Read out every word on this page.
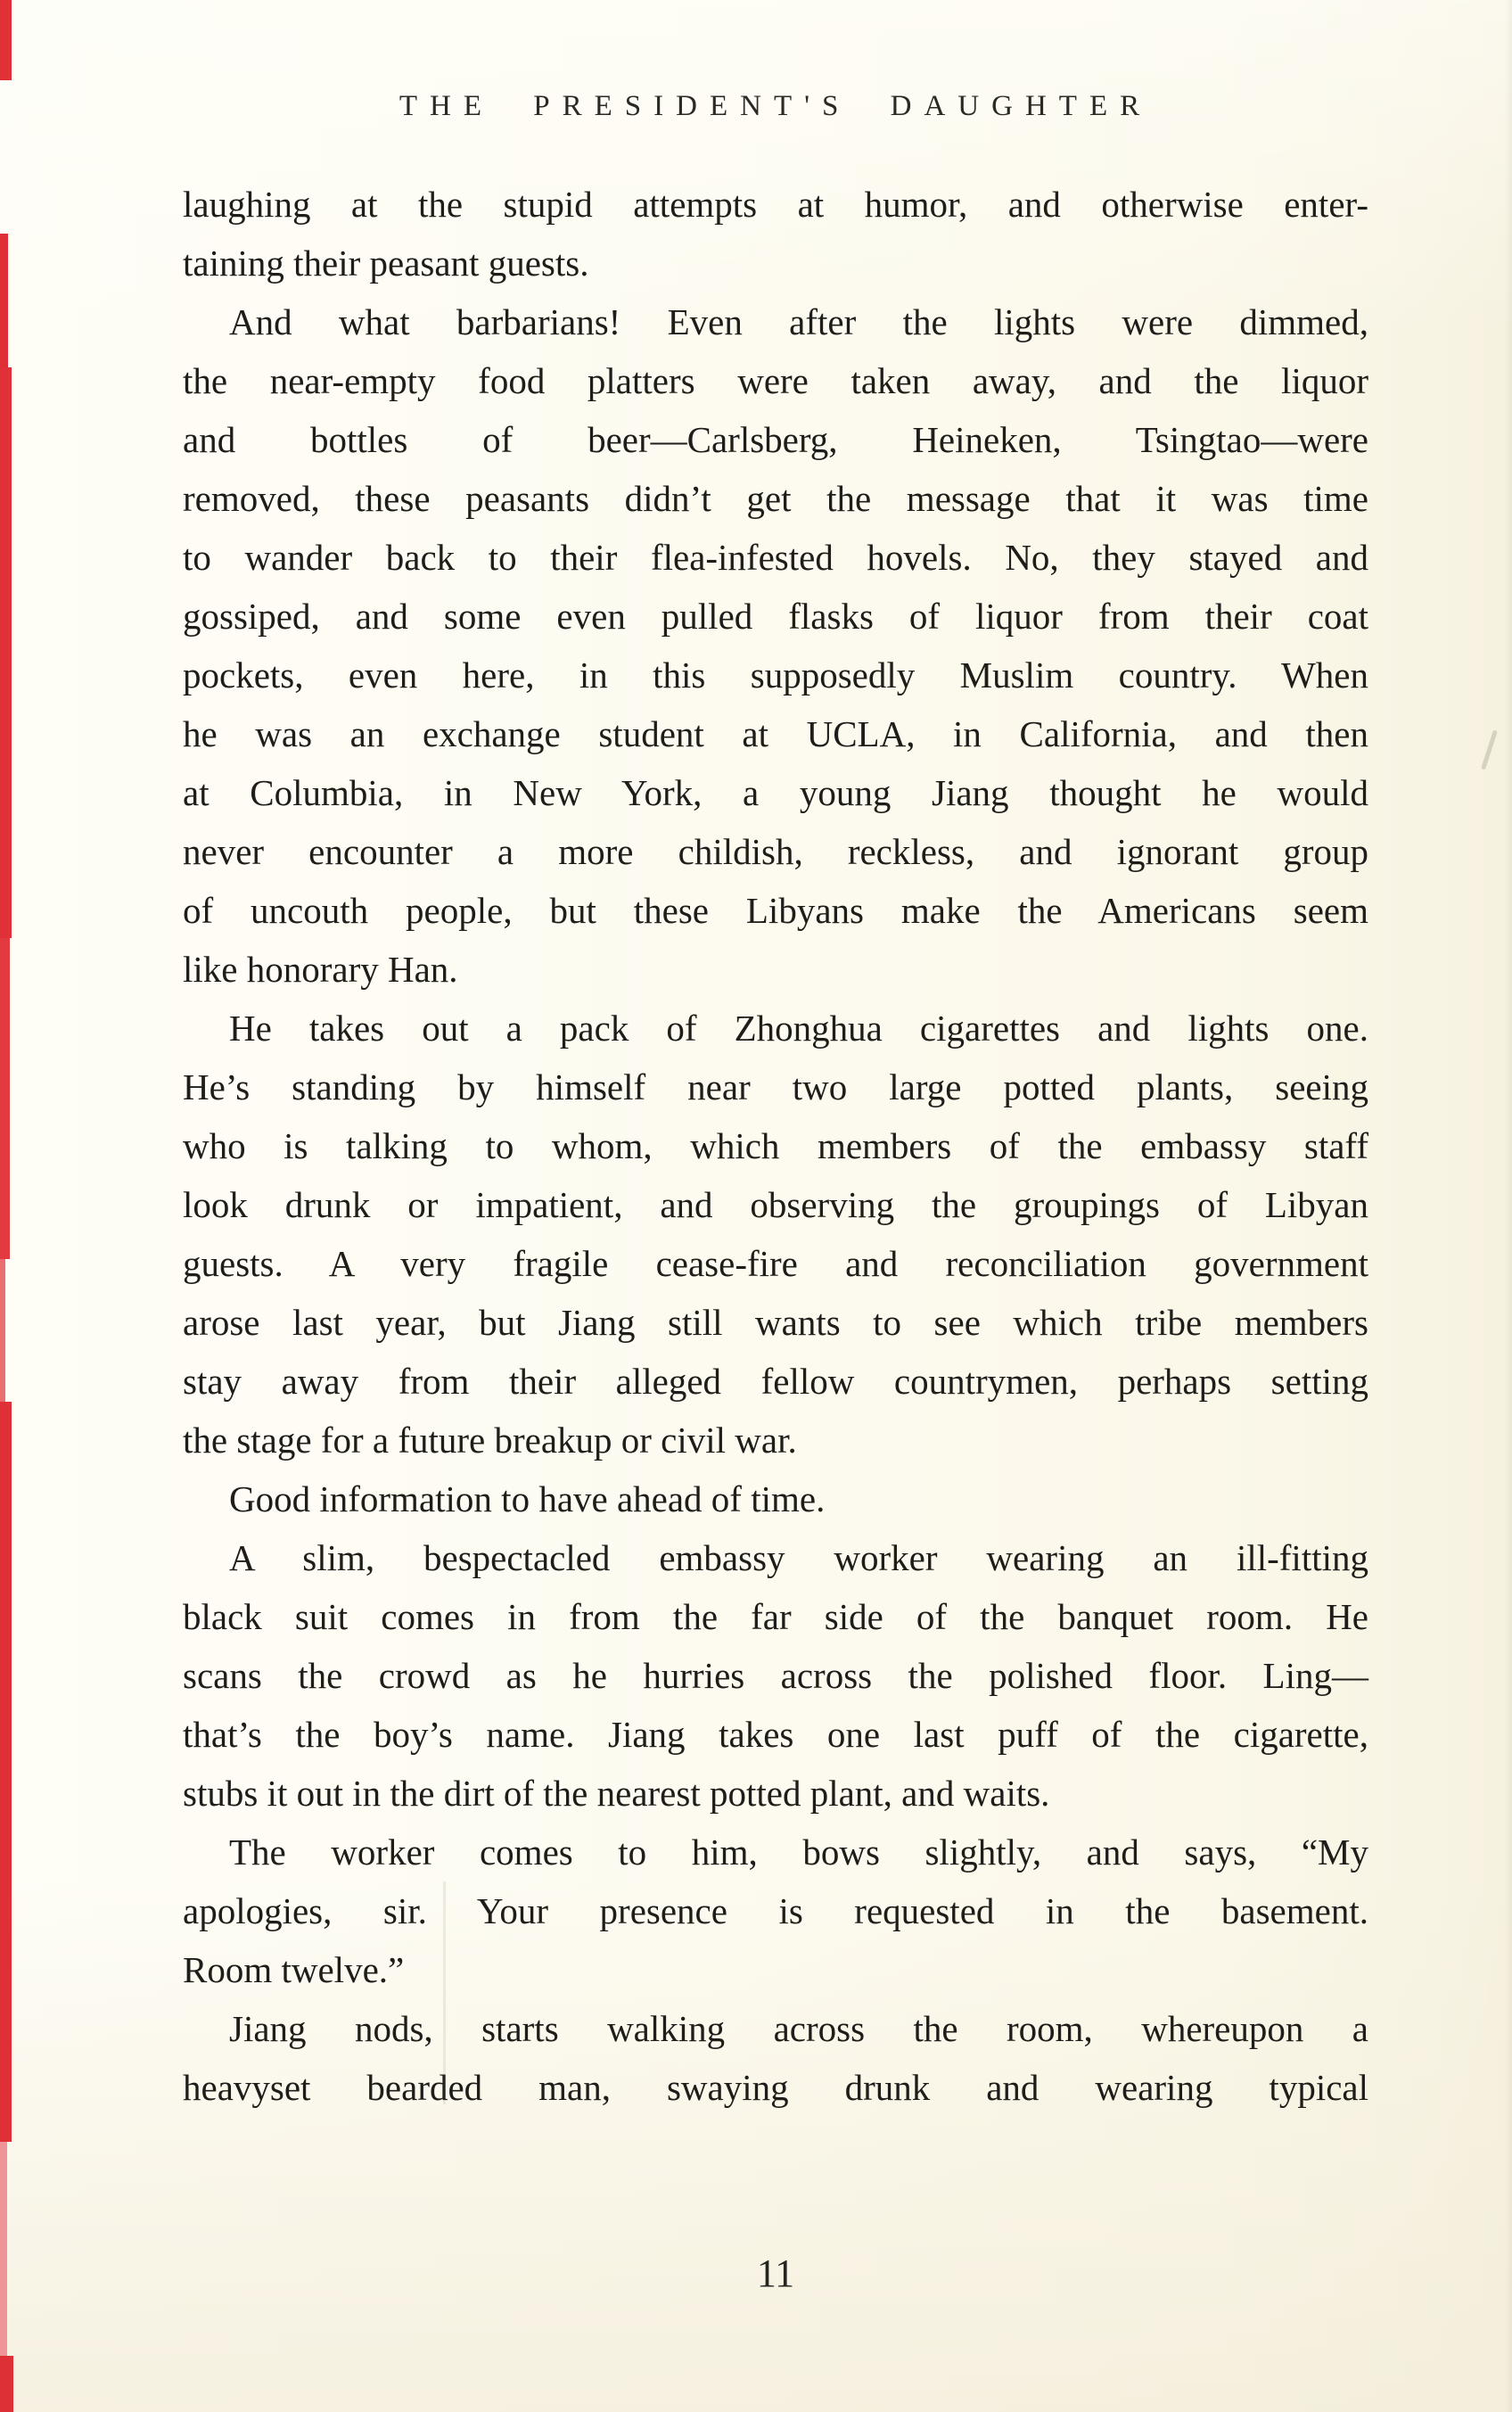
THE PRESIDENT'S DAUGHTER

laughing at the stupid attempts at humor, and otherwise enter-
taining their peasant guests.

And what barbarians! Even after the lights were dimmed,
the near-empty food platters were taken away, and the liquor
and bottles of beer—Carlsberg, Heineken, Tsingtao—were
removed, these peasants didn’t get the message that it was time
to wander back to their flea-infested hovels. No, they stayed and
gossiped, and some even pulled flasks of liquor from their coat
pockets, even here, in this supposedly Muslim country. When
he was an exchange student at UCLA, in California, and then
at Columbia, in New York, a young Jiang thought he would
never encounter a more childish, reckless, and ignorant group
of uncouth people, but these Libyans make the Americans seem
like honorary Han.

He takes out a pack of Zhonghua cigarettes and lights one.
He’s standing by himself near two large potted plants, seeing
who is talking to whom, which members of the embassy staff
look drunk or impatient, and observing the groupings of Libyan
guests. A very fragile cease-fire and reconciliation government
arose last year, but Jiang still wants to see which tribe members
stay away from their alleged fellow countrymen, perhaps setting
the stage for a future breakup or civil war.

Good information to have ahead of time.

A slim, bespectacled embassy worker wearing an ill-fitting
black suit comes in from the far side of the banquet room. He
scans the crowd as he hurries across the polished floor. Ling—
that’s the boy’s name. Jiang takes one last puff of the cigarette,
stubs it out in the dirt of the nearest potted plant, and waits.

The worker comes to him, bows slightly, and says, “My
apologies, sir. Your presence is requested in the basement.
Room twelve.”

Jiang nods, starts walking across the room, whereupon a
heavyset bearded man, swaying drunk and wearing typical

11
